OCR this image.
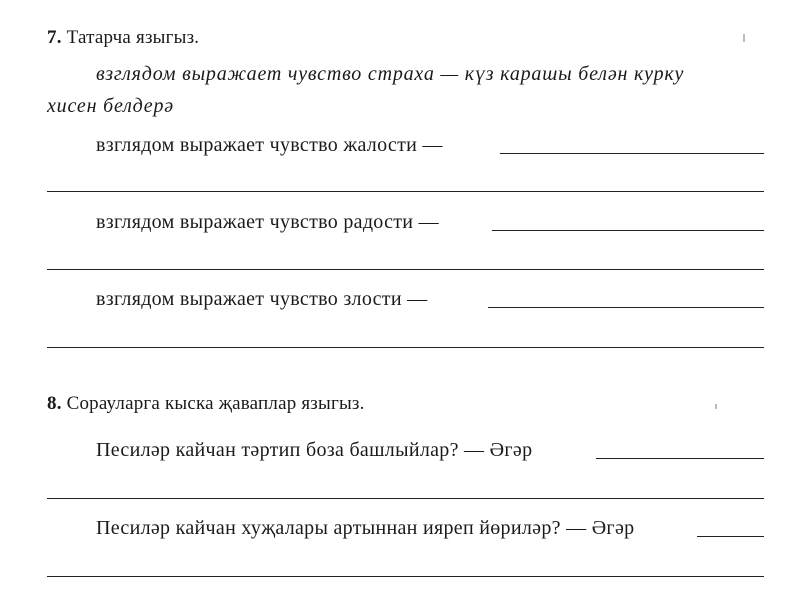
7. Татарча языгыз.
взглядом выражает чувство страха — күз карашы белән курку
хисен белдерә
взглядом выражает чувство жалости —
взглядом выражает чувство радости —
взглядом выражает чувство злости —
8. Сорауларга кыска җаваплар языгыз.
Песиләр кайчан тәртип боза башлыйлар? — Әгәр
Песиләр кайчан хуҗалары артыннан ияреп йөриләр? — Әгәр
